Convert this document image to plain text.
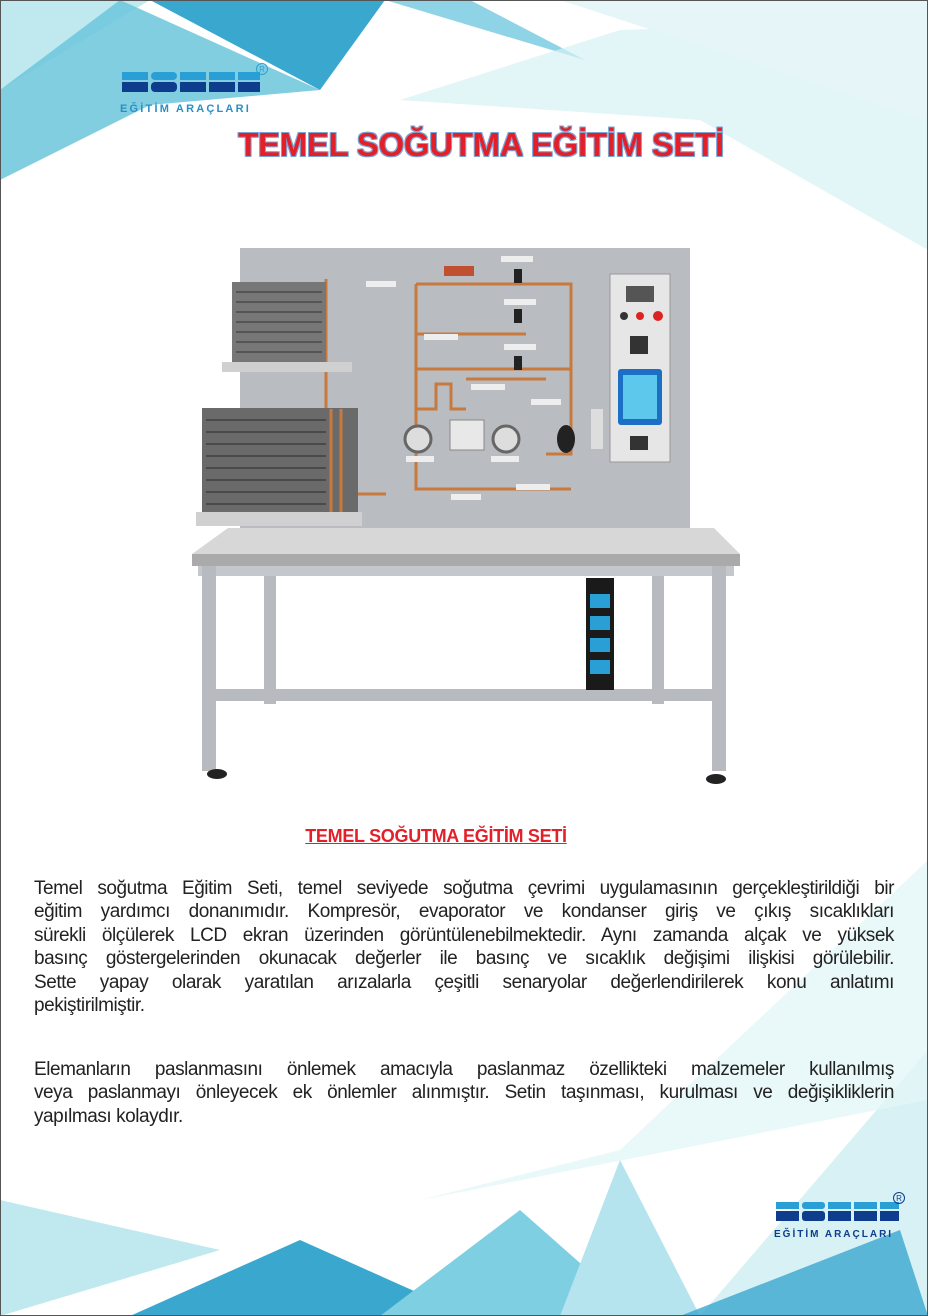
R
EĞİTİM ARAÇLARI
TEMEL SOĞUTMA EĞİTİM SETİ
TEMEL SOĞUTMA EĞİTİM SETİ
Temel soğutma Eğitim Seti, temel seviyede soğutma çevrimi uygulamasının gerçekleştirildiği bir
eğitim yardımcı donanımıdır. Kompresör, evaporator ve kondanser giriş ve çıkış sıcaklıkları
sürekli ölçülerek LCD ekran üzerinden görüntülenebilmektedir. Aynı zamanda alçak ve yüksek
basınç göstergelerinden okunacak değerler ile basınç ve sıcaklık değişimi ilişkisi görülebilir.
Sette yapay olarak yaratılan arızalarla çeşitli senaryolar değerlendirilerek konu anlatımı
pekiştirilmiştir.
Elemanların paslanmasını önlemek amacıyla paslanmaz özellikteki malzemeler kullanılmış
veya paslanmayı önleyecek ek önlemler alınmıştır. Setin taşınması, kurulması ve değişikliklerin
yapılması kolaydır.
R
EĞİTİM ARAÇLARI
